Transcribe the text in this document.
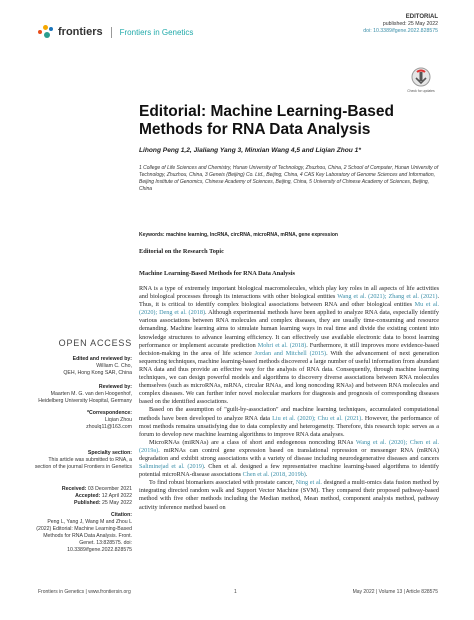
frontiers Frontiers in Genetics
EDITORIAL
published: 25 May 2022
doi: 10.3389/fgene.2022.828575
Check for updates
Editorial: Machine Learning-Based Methods for RNA Data Analysis
Lihong Peng 1,2, Jialiang Yang 3, Minxian Wang 4,5 and Liqian Zhou 1*
1 College of Life Sciences and Chemistry, Hunan University of Technology, Zhuzhou, China, 2 School of Computer, Hunan University of Technology, Zhuzhou, China, 3 Geneis (Beijing) Co. Ltd., Beijing, China, 4 CAS Key Laboratory of Genome Sciences and Information, Beijing Institute of Genomics, Chinese Academy of Sciences, Beijing, China, 5 University of Chinese Academy of Sciences, Beijing, China
Keywords: machine learning, lncRNA, circRNA, microRNA, mRNA, gene expression
Editorial on the Research Topic
Machine Learning-Based Methods for RNA Data Analysis

RNA is a type of extremely important biological macromolecules, which play key roles in all aspects of life activities and biological processes through its interactions with other biological entities Wang et al. (2021); Zhang et al. (2021). Thus, it is critical to identify complex biological associations between RNA and other biological entities Mu et al. (2020); Deng et al. (2018). Although experimental methods have been applied to analyze RNA data, especially identify various associations between RNA molecules and complex diseases, they are usually time-consuming and resource demanding. Machine learning aims to simulate human learning ways in real time and divide the existing content into knowledge structures to advance learning efficiency. It can effectively use available electronic data to boost learning performance or implement accurate prediction Mohri et al. (2018). Furthermore, it still improves more evidence-based decision-making in the area of life science Jordan and Mitchell (2015). With the advancement of next generation sequencing techniques, machine learning-based methods discovered a large number of useful information from abundant RNA data and thus provide an effective way for the analysis of RNA data. Consequently, through machine learning techniques, we can design powerful models and algorithms to discovery diverse associations between RNA molecules themselves (such as microRNAs, mRNA, circular RNAs, and long noncoding RNAs) and between RNA molecules and complex diseases. We can further infer novel molecular markers for diagnosis and prognosis of corresponding diseases based on the identified associations.

Based on the assumption of "guilt-by-association" and machine learning techniques, accumulated computational methods have been developed to analyze RNA data Liu et al. (2020); Chu et al. (2021). However, the performance of most methods remains unsatisfying due to data complexity and heterogeneity. Therefore, this research topic serves as a forum to develop new machine learning algorithms to improve RNA data analyses.

MicroRNAs (miRNAs) are a class of short and endogenous noncoding RNAs Wang et al. (2020); Chen et al. (2019a). miRNAs can control gene expression based on translational repression or messenger RNA (mRNA) degradation and exhibit strong associations with a variety of disease including neurodegenerative diseases and cancers Saliminejad et al. (2019). Chen et al. designed a few representative machine learning-based algorithms to identify potential microRNA-disease associations Chen et al. (2018, 2019b).

To find robust biomarkers associated with prostate cancer, Ning et al. designed a multi-omics data fusion method by integrating directed random walk and Support Vector Machine (SVM). They compared their proposed pathway-based method with five other methods including the Median method, Mean method, component analysis method, pathway activity inference method based on

OPEN ACCESS
Edited and reviewed by:
William C. Cho,
QEH, Hong Kong SAR, China
Reviewed by:
Maarten M. G. van den Hoogenhof,
Heidelberg University Hospital, Germany
*Correspondence:
Liqian Zhou
zhoulq11@163.com
Specialty section:
This article was submitted to RNA, a section of the journal Frontiers in Genetics
Received: 03 December 2021
Accepted: 12 April 2022
Published: 25 May 2022
Citation:
Peng L, Yang J, Wang M and Zhou L (2022) Editorial: Machine Learning-Based Methods for RNA Data Analysis. Front. Genet. 13:828575. doi: 10.3389/fgene.2022.828575
Frontiers in Genetics | www.frontiersin.org	1	May 2022 | Volume 13 | Article 828575
